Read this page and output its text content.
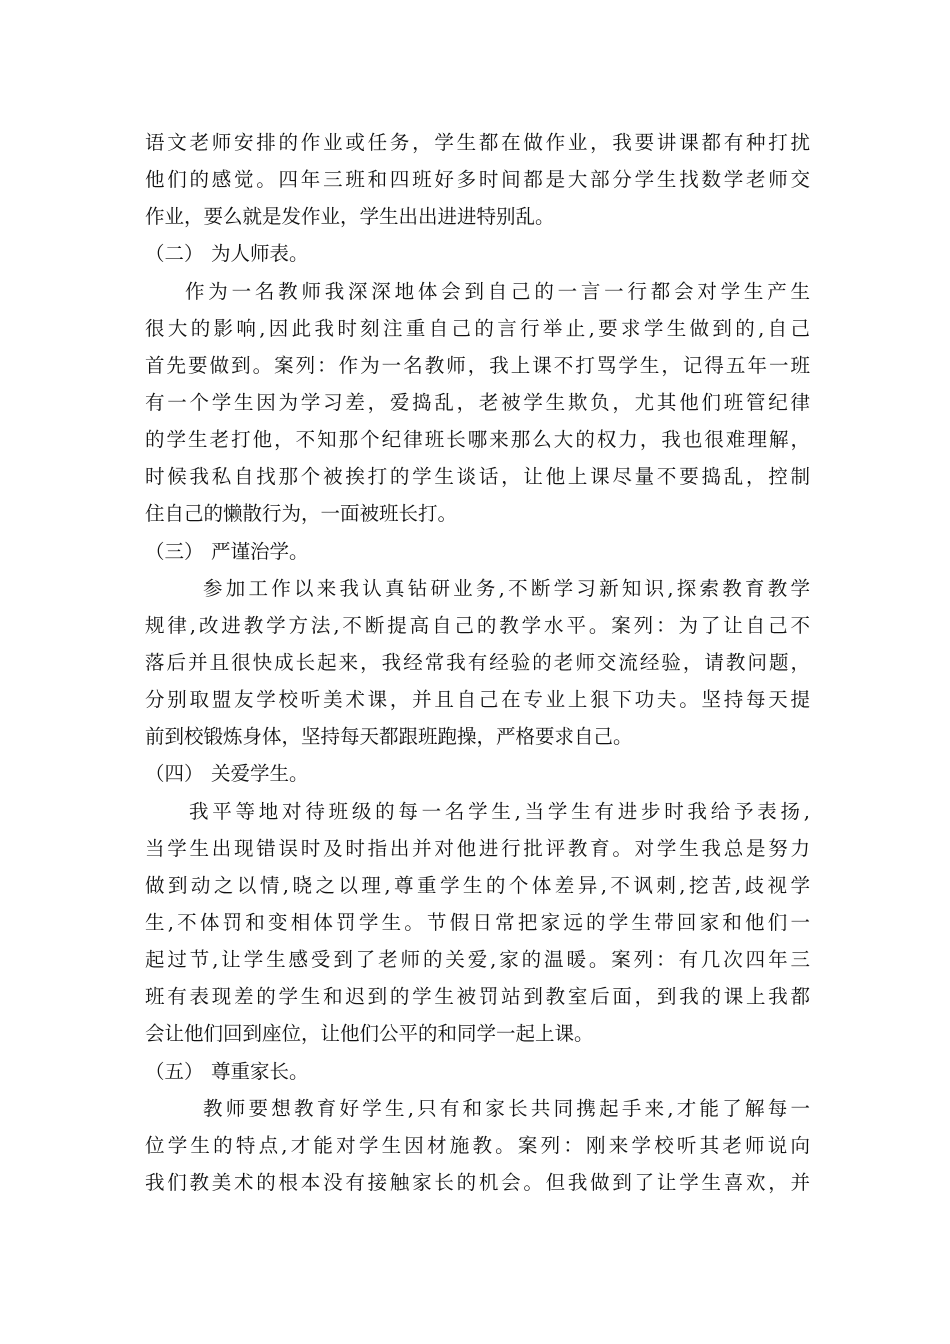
语文老师安排的作业或任务，学生都在做作业，我要讲课都有种打扰
他们的感觉。四年三班和四班好多时间都是大部分学生找数学老师交
作业，要么就是发作业，学生出出进进特别乱。
（二） 为人师表。
作为一名教师我深深地体会到自己的一言一行都会对学生产生
很大的影响,因此我时刻注重自己的言行举止,要求学生做到的,自己
首先要做到。案列：作为一名教师，我上课不打骂学生，记得五年一班
有一个学生因为学习差，爱捣乱，老被学生欺负，尤其他们班管纪律
的学生老打他，不知那个纪律班长哪来那么大的权力，我也很难理解，
时候我私自找那个被挨打的学生谈话，让他上课尽量不要捣乱，控制
住自己的懒散行为，一面被班长打。
（三） 严谨治学。
参加工作以来我认真钻研业务,不断学习新知识,探索教育教学
规律,改进教学方法,不断提高自己的教学水平。案列：为了让自己不
落后并且很快成长起来，我经常我有经验的老师交流经验，请教问题，
分别取盟友学校听美术课，并且自己在专业上狠下功夫。坚持每天提
前到校锻炼身体，坚持每天都跟班跑操，严格要求自己。
（四） 关爱学生。
我平等地对待班级的每一名学生,当学生有进步时我给予表扬,
当学生出现错误时及时指出并对他进行批评教育。对学生我总是努力
做到动之以情,晓之以理,尊重学生的个体差异,不讽刺,挖苦,歧视学
生,不体罚和变相体罚学生。节假日常把家远的学生带回家和他们一
起过节,让学生感受到了老师的关爱,家的温暖。案列：有几次四年三
班有表现差的学生和迟到的学生被罚站到教室后面，到我的课上我都
会让他们回到座位，让他们公平的和同学一起上课。
（五） 尊重家长。
教师要想教育好学生,只有和家长共同携起手来,才能了解每一
位学生的特点,才能对学生因材施教。案列：刚来学校听其老师说向
我们教美术的根本没有接触家长的机会。但我做到了让学生喜欢，并
